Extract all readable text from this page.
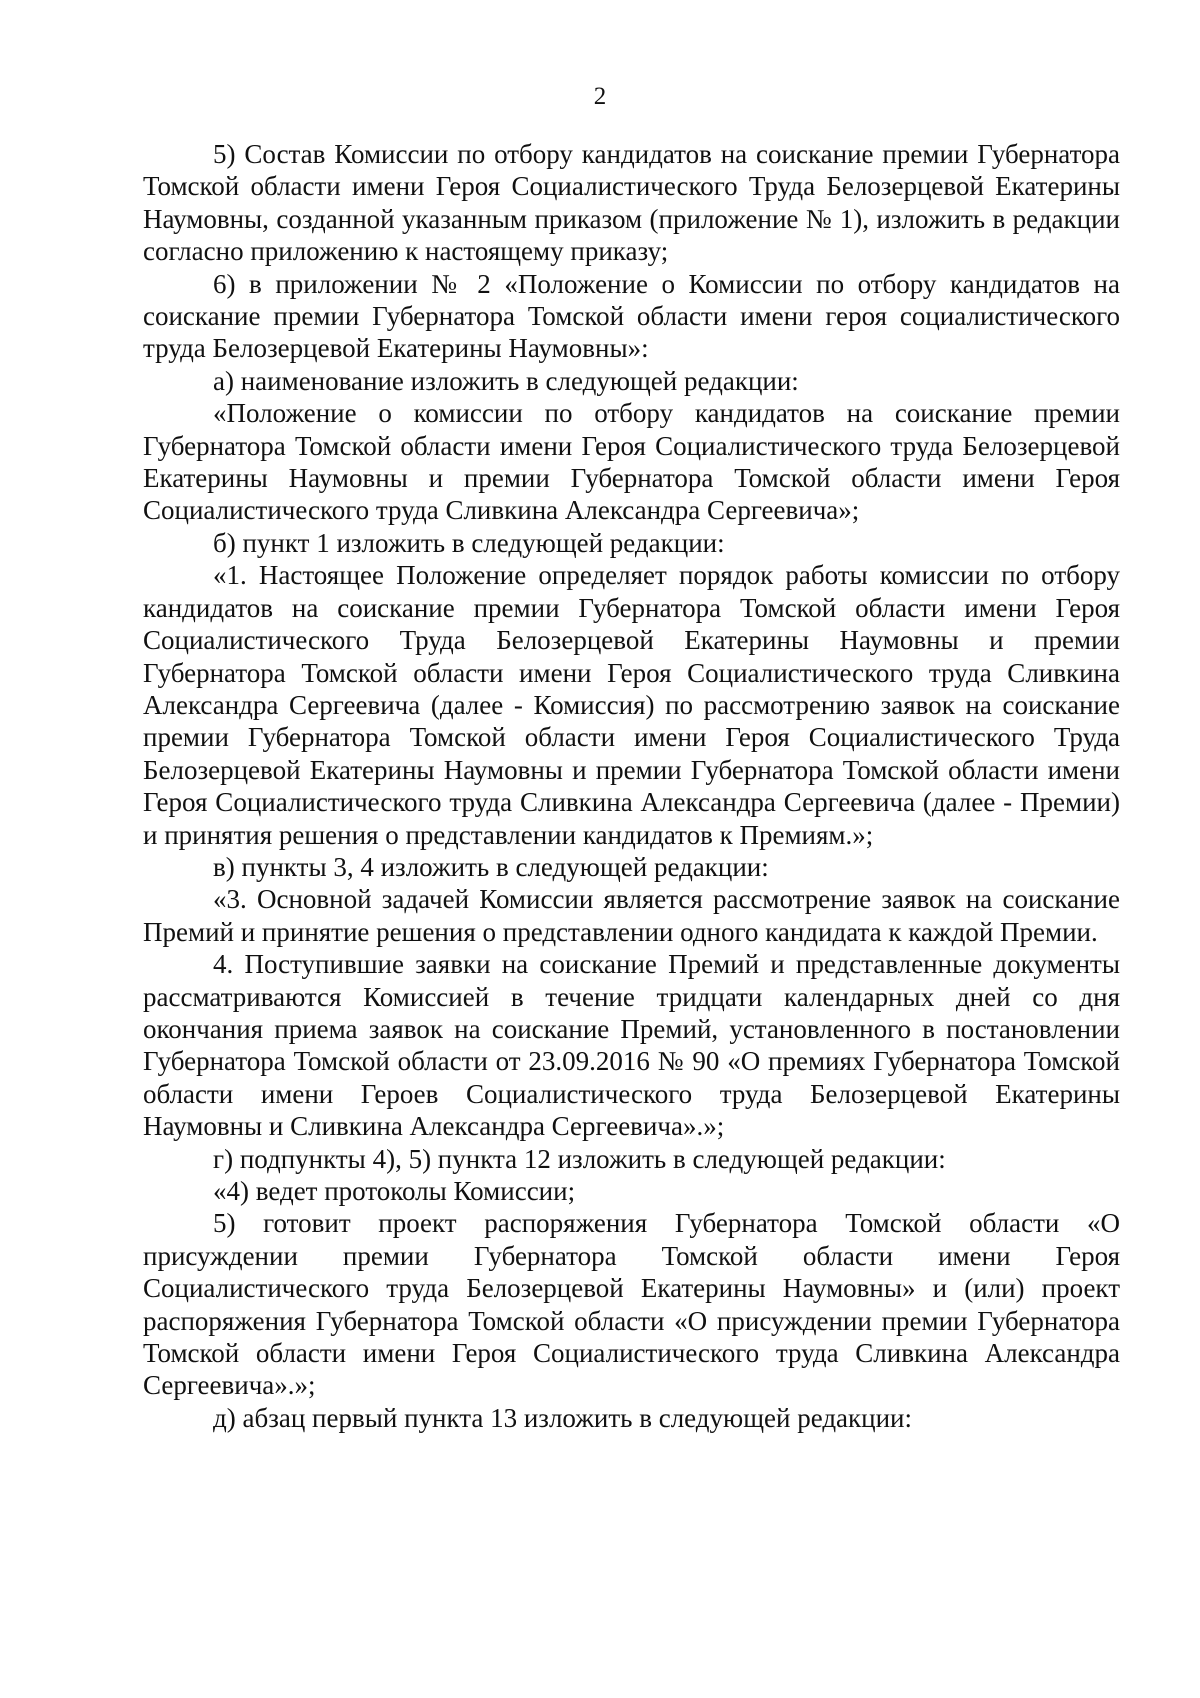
2

5) Состав Комиссии по отбору кандидатов на соискание премии Губернатора Томской области имени Героя Социалистического Труда Белозерцевой Екатерины Наумовны, созданной указанным приказом (приложение № 1), изложить в редакции согласно приложению к настоящему приказу;

6) в приложении № 2 «Положение о Комиссии по отбору кандидатов на соискание премии Губернатора Томской области имени героя социалистического труда Белозерцевой Екатерины Наумовны»:

а) наименование изложить в следующей редакции:

«Положение о комиссии по отбору кандидатов на соискание премии Губернатора Томской области имени Героя Социалистического труда Белозерцевой Екатерины Наумовны и премии Губернатора Томской области имени Героя Социалистического труда Сливкина Александра Сергеевича»;

б) пункт 1 изложить в следующей редакции:

«1. Настоящее Положение определяет порядок работы комиссии по отбору кандидатов на соискание премии Губернатора Томской области имени Героя Социалистического Труда Белозерцевой Екатерины Наумовны и премии Губернатора Томской области имени Героя Социалистического труда Сливкина Александра Сергеевича (далее - Комиссия) по рассмотрению заявок на соискание премии Губернатора Томской области имени Героя Социалистического Труда Белозерцевой Екатерины Наумовны и премии Губернатора Томской области имени Героя Социалистического труда Сливкина Александра Сергеевича (далее - Премии) и принятия решения о представлении кандидатов к Премиям.»;

в) пункты 3, 4 изложить в следующей редакции:

«3. Основной задачей Комиссии является рассмотрение заявок на соискание Премий и принятие решения о представлении одного кандидата к каждой Премии.

4. Поступившие заявки на соискание Премий и представленные документы рассматриваются Комиссией в течение тридцати календарных дней со дня окончания приема заявок на соискание Премий, установленного в постановлении Губернатора Томской области от 23.09.2016 № 90 «О премиях Губернатора Томской области имени Героев Социалистического труда Белозерцевой Екатерины Наумовны и Сливкина Александра Сергеевича».»;

г) подпункты 4), 5) пункта 12 изложить в следующей редакции:

«4) ведет протоколы Комиссии;

5) готовит проект распоряжения Губернатора Томской области «О присуждении премии Губернатора Томской области имени Героя Социалистического труда Белозерцевой Екатерины Наумовны» и (или) проект распоряжения Губернатора Томской области «О присуждении премии Губернатора Томской области имени Героя Социалистического труда Сливкина Александра Сергеевича».»;

д) абзац первый пункта 13 изложить в следующей редакции:
